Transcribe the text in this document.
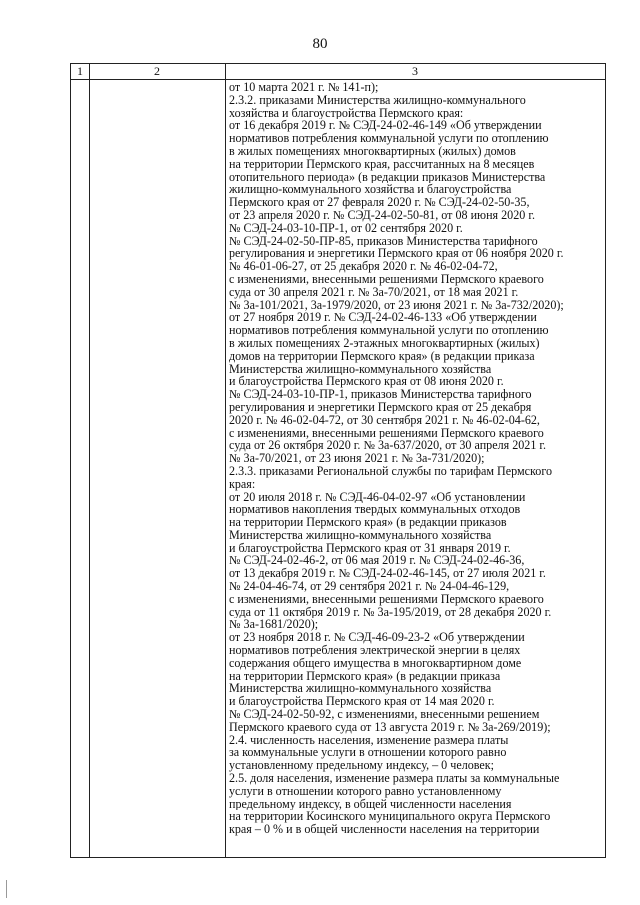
80
1	2	3
от 10 марта 2021 г. № 141-п);
2.3.2. приказами Министерства жилищно-коммунального
хозяйства и благоустройства Пермского края:
от 16 декабря 2019 г. № СЭД-24-02-46-149 «Об утверждении
нормативов потребления коммунальной услуги по отоплению
в жилых помещениях многоквартирных (жилых) домов
на территории Пермского края, рассчитанных на 8 месяцев
отопительного периода» (в редакции приказов Министерства
жилищно-коммунального хозяйства и благоустройства
Пермского края от 27 февраля 2020 г. № СЭД-24-02-50-35,
от 23 апреля 2020 г. № СЭД-24-02-50-81, от 08 июня 2020 г.
№ СЭД-24-03-10-ПР-1, от 02 сентября 2020 г.
№ СЭД-24-02-50-ПР-85, приказов Министерства тарифного
регулирования и энергетики Пермского края от 06 ноября 2020 г.
№ 46-01-06-27, от 25 декабря 2020 г. № 46-02-04-72,
с изменениями, внесенными решениями Пермского краевого
суда от 30 апреля 2021 г. № 3а-70/2021, от 18 мая 2021 г.
№ 3а-101/2021, 3а-1979/2020, от 23 июня 2021 г. № 3а-732/2020);
от 27 ноября 2019 г. № СЭД-24-02-46-133 «Об утверждении
нормативов потребления коммунальной услуги по отоплению
в жилых помещениях 2-этажных многоквартирных (жилых)
домов на территории Пермского края» (в редакции приказа
Министерства жилищно-коммунального хозяйства
и благоустройства Пермского края от 08 июня 2020 г.
№ СЭД-24-03-10-ПР-1, приказов Министерства тарифного
регулирования и энергетики Пермского края от 25 декабря
2020 г. № 46-02-04-72, от 30 сентября 2021 г. № 46-02-04-62,
с изменениями, внесенными решениями Пермского краевого
суда от 26 октября 2020 г. № 3а-637/2020, от 30 апреля 2021 г.
№ 3а-70/2021, от 23 июня 2021 г. № 3а-731/2020);
2.3.3. приказами Региональной службы по тарифам Пермского
края:
от 20 июля 2018 г. № СЭД-46-04-02-97 «Об установлении
нормативов накопления твердых коммунальных отходов
на территории Пермского края» (в редакции приказов
Министерства жилищно-коммунального хозяйства
и благоустройства Пермского края от 31 января 2019 г.
№ СЭД-24-02-46-2, от 06 мая 2019 г. № СЭД-24-02-46-36,
от 13 декабря 2019 г. № СЭД-24-02-46-145, от 27 июля 2021 г.
№ 24-04-46-74, от 29 сентября 2021 г. № 24-04-46-129,
с изменениями, внесенными решениями Пермского краевого
суда от 11 октября 2019 г. № 3а-195/2019, от 28 декабря 2020 г.
№ 3а-1681/2020);
от 23 ноября 2018 г. № СЭД-46-09-23-2 «Об утверждении
нормативов потребления электрической энергии в целях
содержания общего имущества в многоквартирном доме
на территории Пермского края» (в редакции приказа
Министерства жилищно-коммунального хозяйства
и благоустройства Пермского края от 14 мая 2020 г.
№ СЭД-24-02-50-92, с изменениями, внесенными решением
Пермского краевого суда от 13 августа 2019 г. № 3а-269/2019);
2.4. численность населения, изменение размера платы
за коммунальные услуги в отношении которого равно
установленному предельному индексу, – 0 человек;
2.5. доля населения, изменение размера платы за коммунальные
услуги в отношении которого равно установленному
предельному индексу, в общей численности населения
на территории Косинского муниципального округа Пермского
края – 0 % и в общей численности населения на территории
